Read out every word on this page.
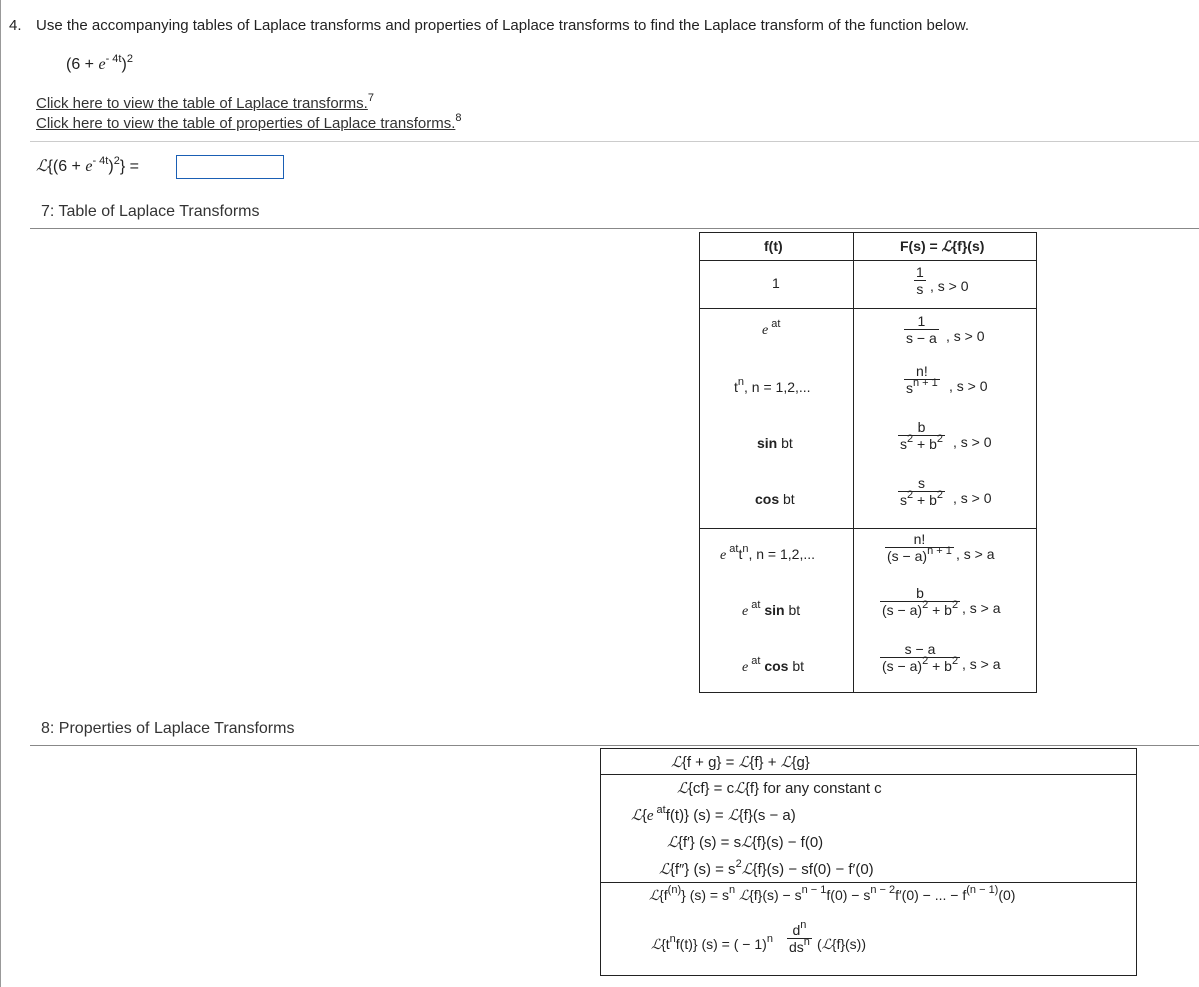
4. Use the accompanying tables of Laplace transforms and properties of Laplace transforms to find the Laplace transform of the function below.
$(6 + e^{- 4t})^2$
Click here to view the table of Laplace transforms.$^7$
Click here to view the table of properties of Laplace transforms.$^8$
ℒ{(6 + $e^{- 4t})^2$} =
7: Table of Laplace Transforms
f(t)	F(s) = ℒ{f}(s)
1	$\frac{1}{s}$ , s > 0
e $^{at}$	$\frac{1}{s - a}$ , s > 0
$t^n$, n = 1,2,...	$\frac{n!}{s^{n + 1}}$ , s > 0
sin bt	$\frac{b}{s^2 + b^2}$ , s > 0
cos bt	$\frac{s}{s^2 + b^2}$ , s > 0
e $^{at}t^n$, n = 1,2,...	$\frac{n!}{(s - a)^{n + 1}}$ , s > a
e $^{at}$ sin bt	$\frac{b}{(s - a)^2 + b^2}$ , s > a
e $^{at}$ cos bt	$\frac{s - a}{(s - a)^2 + b^2}$ , s > a
8: Properties of Laplace Transforms
ℒ{f + g} = ℒ{f} + ℒ{g}
ℒ{cf} = cℒ{f} for any constant c
ℒ{e $^{at}$f(t)} (s) = ℒ{f}(s − a)
ℒ{f′} (s) = sℒ{f}(s) − f(0)
ℒ{f″} $(s) = s^2ℒ\{f\}(s) - sf(0) - f'(0)$
$ℒ\{f^{(n)}\} (s) = s^n$ ℒ{f}(s) − $s^{n - 1}f(0) - s^{n - 2}f'(0)$ − ... − $f^{(n - 1)}(0)$
$ℒ\{t^nf(t)\} (s)$ = ( − 1)$^n$
$d^n$
$ds^n$ (ℒ{f}(s))
